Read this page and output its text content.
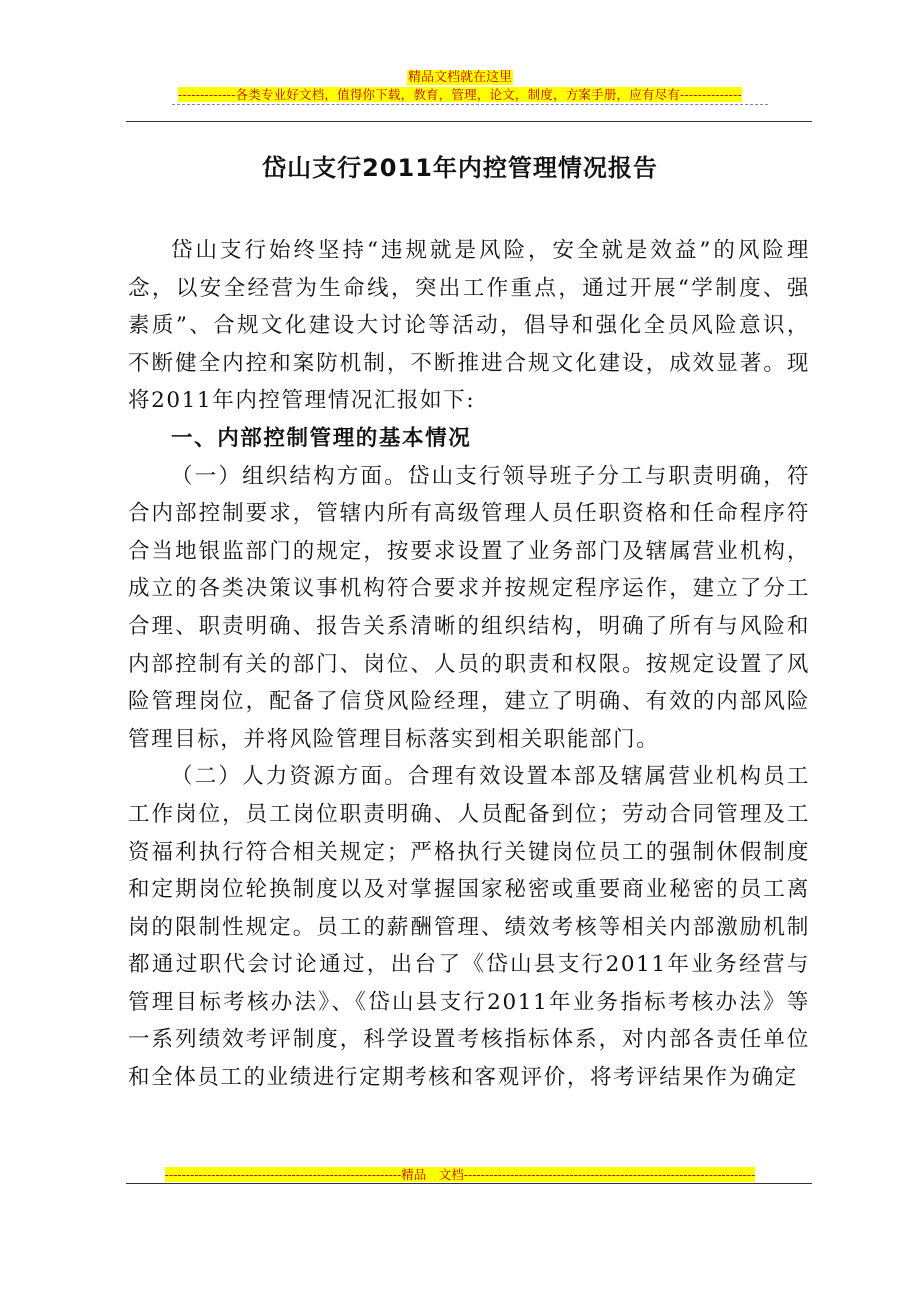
精品文档就在这里
-------------各类专业好文档，值得你下载，教育，管理，论文，制度，方案手册，应有尽有--------------
岱山支行2011年内控管理情况报告

岱山支行始终坚持“违规就是风险，安全就是效益”的风险理念，以安全经营为生命线，突出工作重点，通过开展“学制度、强素质”、合规文化建设大讨论等活动，倡导和强化全员风险意识，不断健全内控和案防机制，不断推进合规文化建设，成效显著。现将2011年内控管理情况汇报如下:

一、内部控制管理的基本情况

（一）组织结构方面。岱山支行领导班子分工与职责明确，符合内部控制要求，管辖内所有高级管理人员任职资格和任命程序符合当地银监部门的规定，按要求设置了业务部门及辖属营业机构，成立的各类决策议事机构符合要求并按规定程序运作，建立了分工合理、职责明确、报告关系清晰的组织结构，明确了所有与风险和内部控制有关的部门、岗位、人员的职责和权限。按规定设置了风险管理岗位，配备了信贷风险经理，建立了明确、有效的内部风险管理目标，并将风险管理目标落实到相关职能部门。

（二）人力资源方面。合理有效设置本部及辖属营业机构员工工作岗位，员工岗位职责明确、人员配备到位；劳动合同管理及工资福利执行符合相关规定；严格执行关键岗位员工的强制休假制度和定期岗位轮换制度以及对掌握国家秘密或重要商业秘密的员工离岗的限制性规定。员工的薪酬管理、绩效考核等相关内部激励机制都通过职代会讨论通过，出台了《岱山县支行2011年业务经营与管理目标考核办法》、《岱山县支行2011年业务指标考核办法》等一系列绩效考评制度，科学设置考核指标体系，对内部各责任单位和全体员工的业绩进行定期考核和客观评价，将考评结果作为确定

--------------------------------------------------------精品　文档---------------------------------------------------------------------
